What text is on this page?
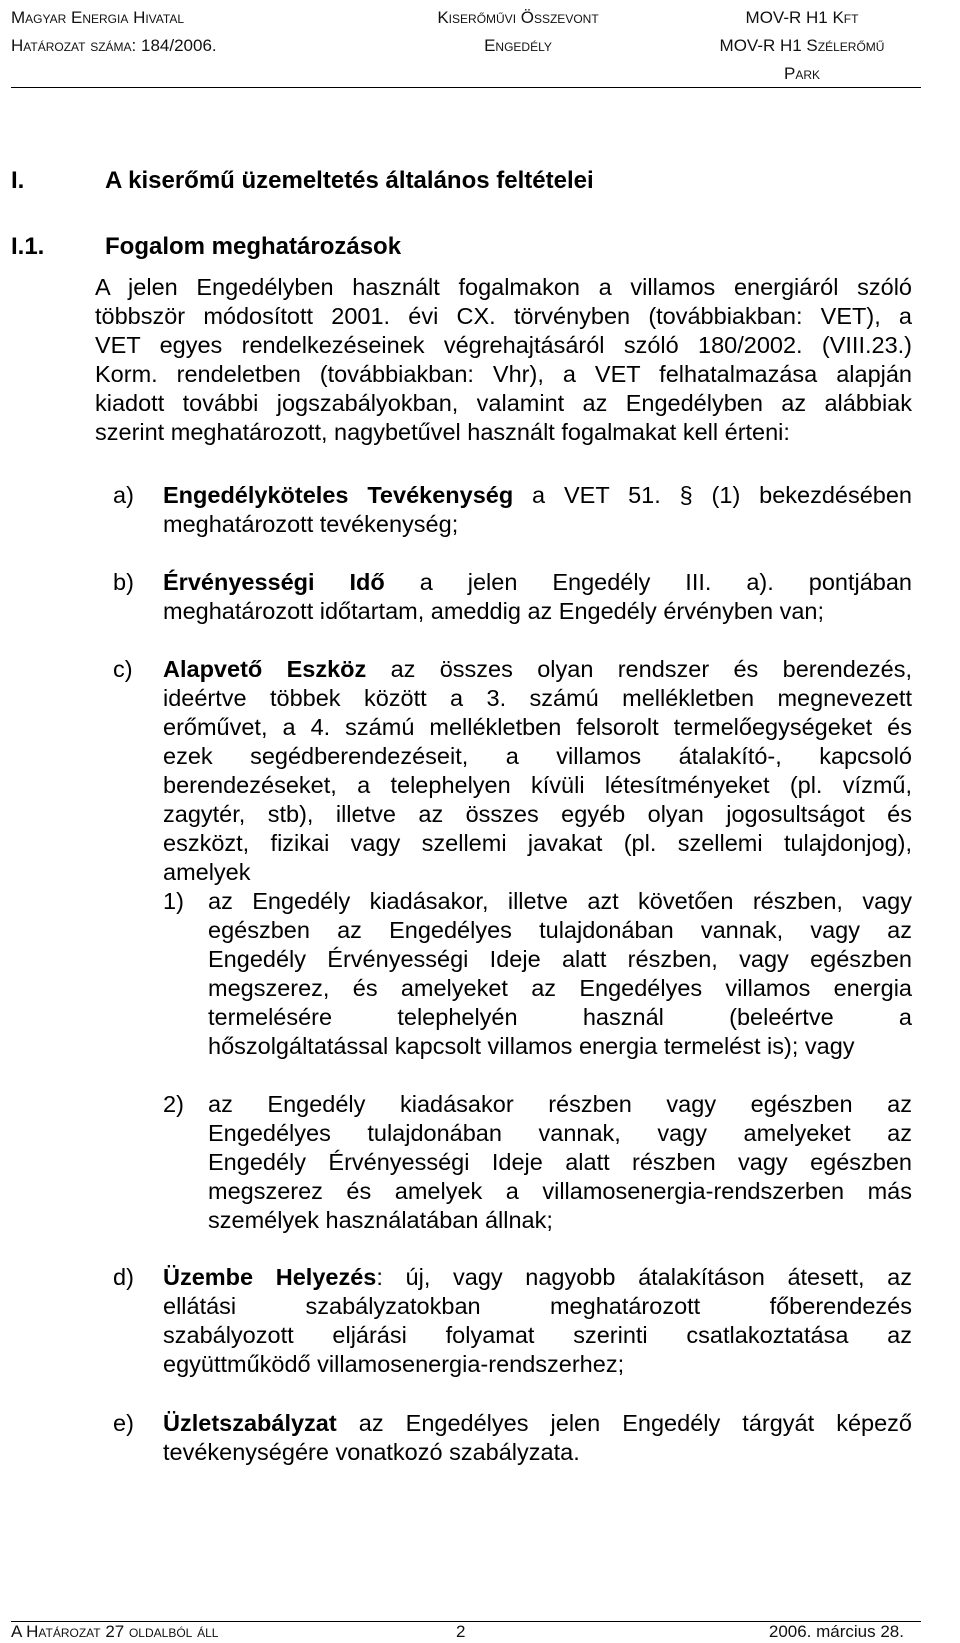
Magyar Energia Hivatal
Határozat száma: 184/2006.
Kiserőművi Összevont
Engedély
MOV-R H1 Kft
MOV-R H1 Szélerőmű
Park
I.	A kiserőmű üzemeltetés általános feltételei
I.1.	Fogalom meghatározások
A jelen Engedélyben használt fogalmakon a villamos energiáról szóló
többször módosított 2001. évi CX. törvényben (továbbiakban: VET), a
VET egyes rendelkezéseinek végrehajtásáról szóló 180/2002. (VIII.23.)
Korm. rendeletben (továbbiakban: Vhr), a VET felhatalmazása alapján
kiadott további jogszabályokban, valamint az Engedélyben az alábbiak
szerint meghatározott, nagybetűvel használt fogalmakat kell érteni:
a) Engedélyköteles Tevékenység a VET 51. § (1) bekezdésében
meghatározott tevékenység;
b) Érvényességi Idő a jelen Engedély III. a). pontjában
meghatározott időtartam, ameddig az Engedély érvényben van;
c) Alapvető Eszköz az összes olyan rendszer és berendezés,
ideértve többek között a 3. számú mellékletben megnevezett
erőművet, a 4. számú mellékletben felsorolt termelőegységeket és
ezek segédberendezéseit, a villamos átalakító-, kapcsoló
berendezéseket, a telephelyen kívüli létesítményeket (pl. vízmű,
zagytér, stb), illetve az összes egyéb olyan jogosultságot és
eszközt, fizikai vagy szellemi javakat (pl. szellemi tulajdonjog),
amelyek
1) az Engedély kiadásakor, illetve azt követően részben, vagy
egészben az Engedélyes tulajdonában vannak, vagy az
Engedély Érvényességi Ideje alatt részben, vagy egészben
megszerez, és amelyeket az Engedélyes villamos energia
termelésére telephelyén használ (beleértve a
hőszolgáltatással kapcsolt villamos energia termelést is); vagy
2) az Engedély kiadásakor részben vagy egészben az
Engedélyes tulajdonában vannak, vagy amelyeket az
Engedély Érvényességi Ideje alatt részben vagy egészben
megszerez és amelyek a villamosenergia-rendszerben más
személyek használatában állnak;
d) Üzembe Helyezés: új, vagy nagyobb átalakításon átesett, az
ellátási szabályzatokban meghatározott főberendezés
szabályozott eljárási folyamat szerinti csatlakoztatása az
együttműködő villamosenergia-rendszerhez;
e) Üzletszabályzat az Engedélyes jelen Engedély tárgyát képező
tevékenységére vonatkozó szabályzata.
A Határozat 27 oldalból áll	2	2006. március 28.
